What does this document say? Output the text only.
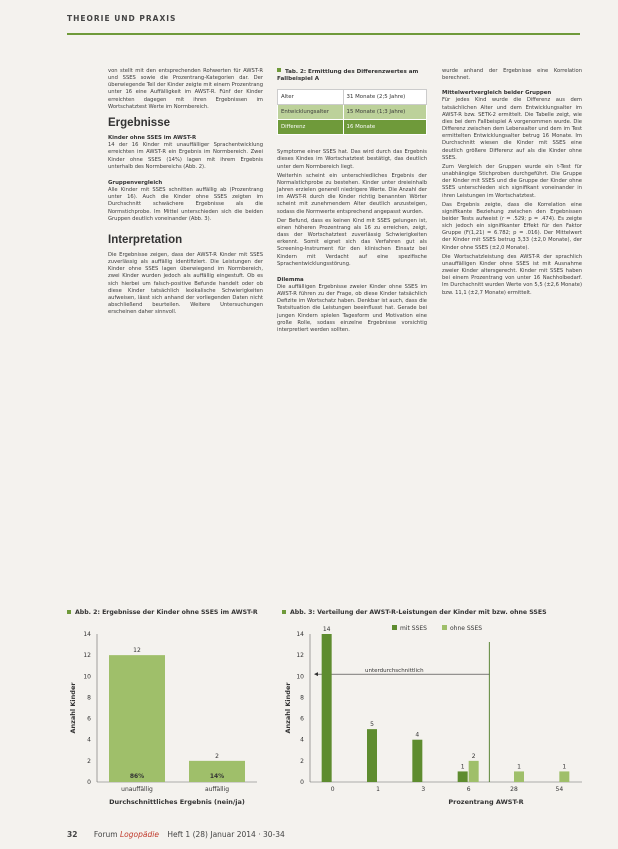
THEORIE UND PRAXIS

von stellt mit den entsprechenden Rohwerten für AWST-R und SSES sowie die Prozentrang-Kategorien dar. Der überwiegende Teil der Kinder zeigte mit einem Prozentrang unter 16 eine Auffälligkeit im AWST-R. Fünf der Kinder erreichten dagegen mit ihren Ergebnissen im Wortschatztest Werte im Normbereich.

Ergebnisse
Kinder ohne SSES im AWST-R

14 der 16 Kinder mit unauffälliger Sprachentwicklung erreichten im AWST-R ein Ergebnis im Normbereich. Zwei Kinder ohne SSES (14%) lagen mit ihrem Ergebnis unterhalb des Normbereichs (Abb. 2).

Gruppenvergleich

Alle Kinder mit SSES schnitten auffällig ab (Prozentrang unter 16). Auch die Kinder ohne SSES zeigten im Durchschnitt schwächere Ergebnisse als die Normstichprobe. Im Mittel unterschieden sich die beiden Gruppen deutlich voneinander (Abb. 3).

Interpretation

Die Ergebnisse zeigen, dass der AWST-R Kinder mit SSES zuverlässig als auffällig identifiziert. Die Leistungen der Kinder ohne SSES lagen überwiegend im Normbereich, zwei Kinder wurden jedoch als auffällig eingestuft. Ob es sich hierbei um falsch-positive Befunde handelt oder ob diese Kinder tatsächlich lexikalische Schwierigkeiten aufweisen, lässt sich anhand der vorliegenden Daten nicht abschließend beurteilen. Weitere Untersuchungen erscheinen daher sinnvoll.

Tab. 2: Ermittlung des Differenzwertes am Fallbeispiel A
Alter	31 Monate (2;5 Jahre)
Entwicklungsalter	15 Monate (1;3 Jahre)
Differenz	16 Monate

Symptome einer SSES hat. Das wird durch das Ergebnis dieses Kindes im Wortschatztest bestätigt, das deutlich unter dem Normbereich liegt.

Weiterhin scheint ein unterschiedliches Ergebnis der Normalstichprobe zu bestehen. Kinder unter dreieinhalb Jahren erzielen generell niedrigere Werte. Die Anzahl der im AWST-R durch die Kinder richtig benannten Wörter scheint mit zunehmendem Alter deutlich anzusteigen, sodass die Normwerte entsprechend angepasst wurden.

Der Befund, dass es keinen Kind mit SSES gelungen ist, einen höheren Prozentrang als 16 zu erreichen, zeigt, dass der Wortschatztest zuverlässig Schwierigkeiten erkennt. Somit eignet sich das Verfahren gut als Screening-Instrument für den klinischen Einsatz bei Kindern mit Verdacht auf eine spezifische Sprachentwicklungsstörung.

Dilemma

Die auffälligen Ergebnisse zweier Kinder ohne SSES im AWST-R führen zu der Frage, ob diese Kinder tatsächlich Defizite im Wortschatz haben. Denkbar ist auch, dass die Testsituation die Leistungen beeinflusst hat. Gerade bei jungen Kindern spielen Tagesform und Motivation eine große Rolle, sodass einzelne Ergebnisse vorsichtig interpretiert werden sollten.

wurde anhand der Ergebnisse eine Korrelation berechnet.

Mittelwertvergleich beider Gruppen

Für jedes Kind wurde die Differenz aus dem tatsächlichen Alter und dem Entwicklungsalter im AWST-R bzw. SETK-2 ermittelt. Die Tabelle zeigt, wie dies bei dem Fallbeispiel A vorgenommen wurde. Die Differenz zwischen dem Lebensalter und dem im Test ermittelten Entwicklungsalter betrug 16 Monate. Im Durchschnitt wiesen die Kinder mit SSES eine deutlich größere Differenz auf als die Kinder ohne SSES.

Zum Vergleich der Gruppen wurde ein t-Test für unabhängige Stichproben durchgeführt. Die Gruppe der Kinder mit SSES und die Gruppe der Kinder ohne SSES unterschieden sich signifikant voneinander in ihren Leistungen im Wortschatztest.

Das Ergebnis zeigte, dass die Korrelation eine signifikante Beziehung zwischen den Ergebnissen beider Tests aufweist (r = .529; p = .474). Es zeigte sich jedoch ein signifikanter Effekt für den Faktor Gruppe (F(1,21) = 6.782; p = .016). Der Mittelwert der Kinder mit SSES betrug 3,33 (±2,0 Monate), der Kinder ohne SSES (±2,0 Monate).

Die Wortschatzleistung des AWST-R der sprachlich unauffälligen Kinder ohne SSES ist mit Ausnahme zweier Kinder altersgerecht. Kinder mit SSES haben bei einem Prozentrang von unter 16 Nachholbedarf. Im Durchschnitt wurden Werte von 5,5 (±2,6 Monate) bzw. 11,1 (±2,7 Monate) ermittelt.

Abb. 2: Ergebnisse der Kinder ohne SSES im AWST-R
0
2
4
6
8
10
12
14
12
86%
unauffällig
2
14%
auffällig
Durchschnittliches Ergebnis (nein/ja)
Anzahl Kinder
Abb. 3: Verteilung der AWST-R-Leistungen der Kinder mit bzw. ohne SSES
0
2
4
6
8
10
12
14
mit SSES	ohne SSES
unterdurchschnittlich
14
0
5
1
4
3
1
2
6
1
28
1
54
Prozentrang AWST-R
Anzahl Kinder
32 Forum Logopädie Heft 1 (28) Januar 2014 · 30-34
